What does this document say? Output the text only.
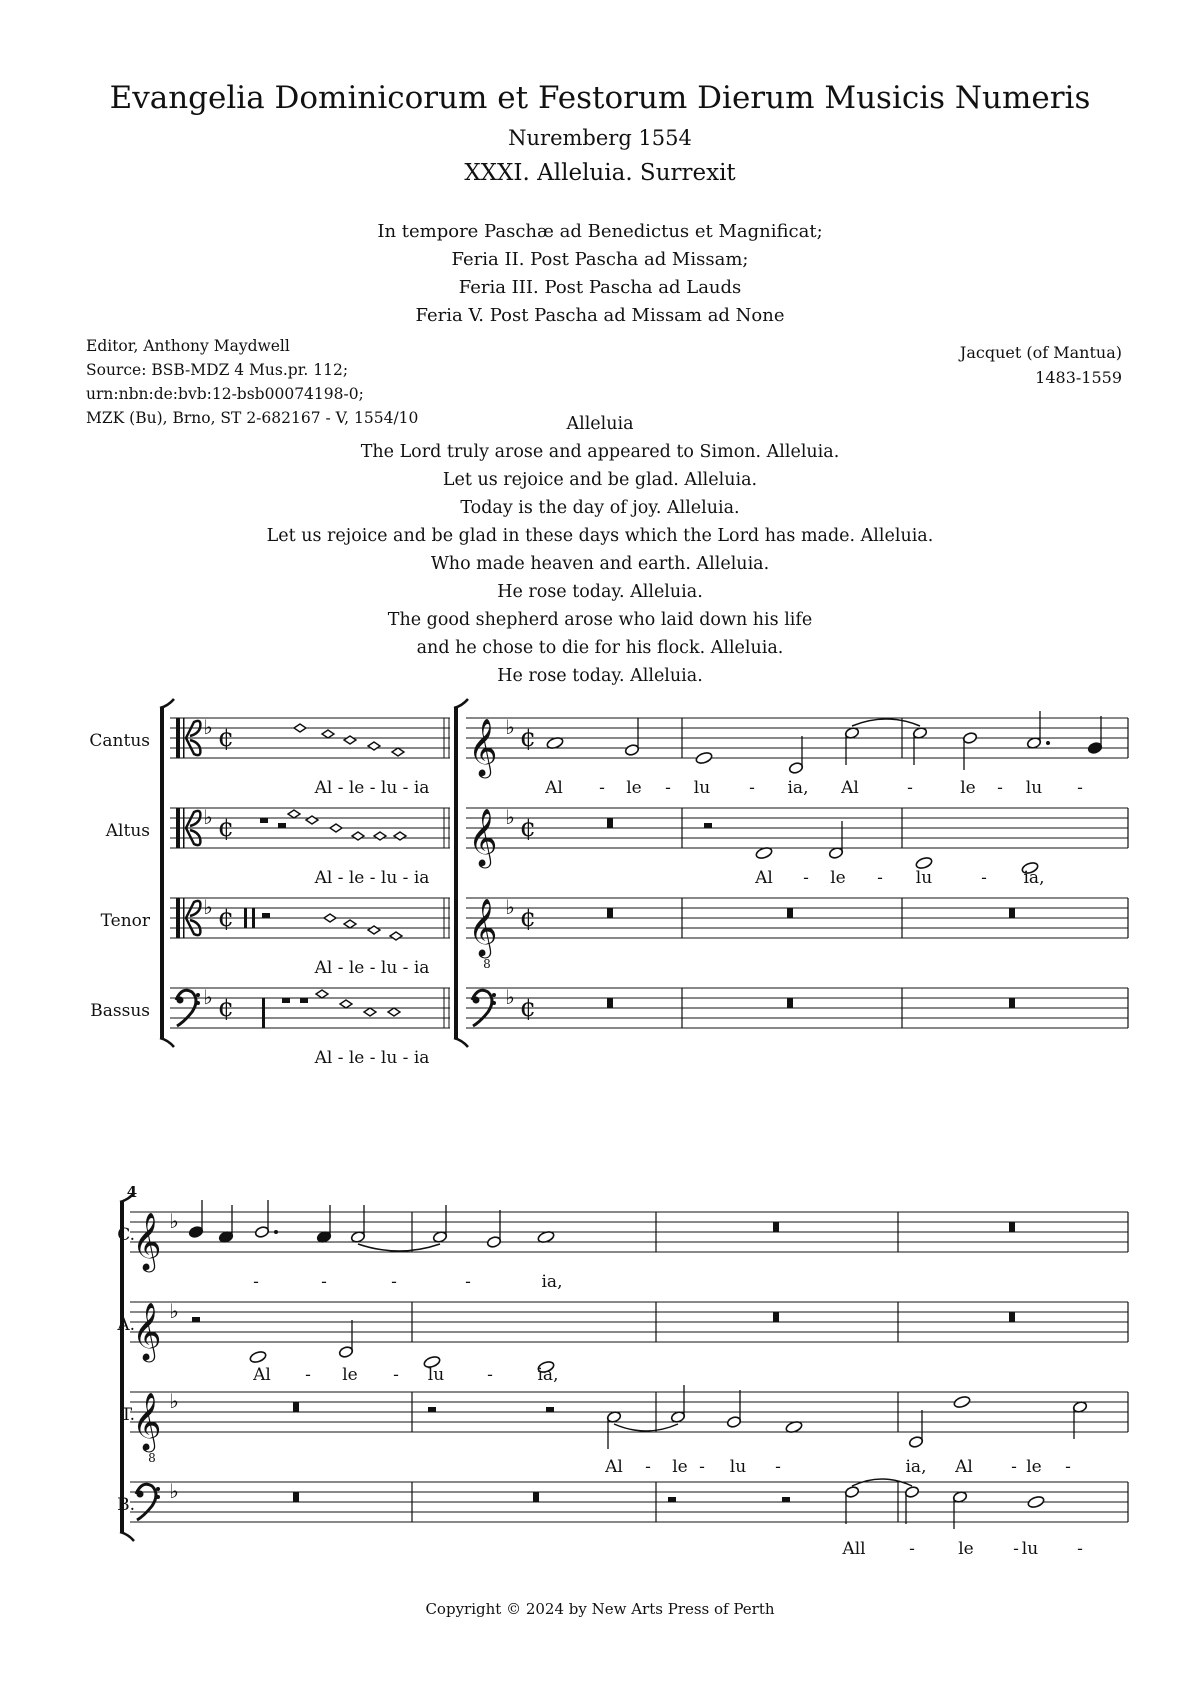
Evangelia Dominicorum et Festorum Dierum Musicis Numeris
Nuremberg 1554
XXXI. Alleluia. Surrexit
In tempore Paschæ ad Benedictus et Magnificat;
Feria II. Post Pascha ad Missam;
Feria III. Post Pascha ad Lauds
Feria V. Post Pascha ad Missam ad None
Editor, Anthony Maydwell
Source: BSB-MDZ 4 Mus.pr. 112;
urn:nbn:de:bvb:12-bsb00074198-0;
MZK (Bu), Brno, ST 2-682167 - V, 1554/10
Jacquet (of Mantua)
1483-1559
Alleluia
The Lord truly arose and appeared to Simon. Alleluia.
Let us rejoice and be glad. Alleluia.
Today is the day of joy. Alleluia.
Let us rejoice and be glad in these days which the Lord has made. Alleluia.
Who made heaven and earth. Alleluia.
He rose today. Alleluia.
The good shepherd arose who laid down his life
and he chose to die for his flock. Alleluia.
He rose today. Alleluia.
Cantus
Altus
Tenor
Bassus
♭ ¢
♭ ¢
♭ ¢
♭ ¢
Al - le - lu - ia
Al - le - lu - ia
Al - le - lu - ia
Al - le - lu - ia
𝄞 ♭ ¢
𝄞 ♭ ¢
𝄞
8
♭ ¢
♭ ¢
Al - le - lu - ia, Al	-	le - lu -
Al - le - lu	- ia,
4
C.
A.
T.
B.
𝄞 ♭
𝄞 ♭
𝄞
8
♭
♭
-	-	-	-	ia,
Al - le - lu	-	ia,
Al - le - lu -	ia, Al - le -
All	-	le - lu -
Copyright © 2024 by New Arts Press of Perth
